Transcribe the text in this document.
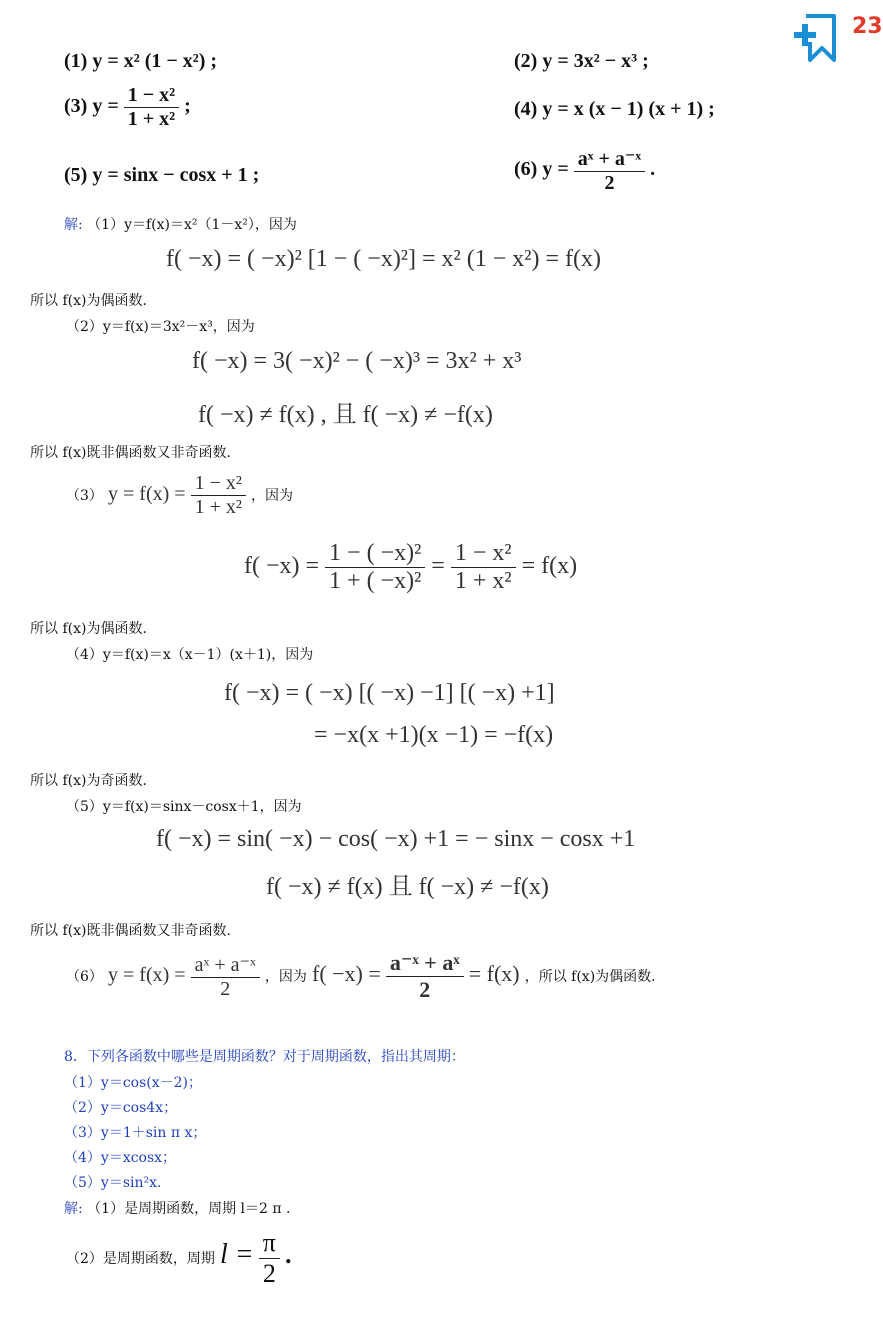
23
(1) y = x² (1 − x²) ;	(2) y = 3x² − x³ ;
(3) $y = \frac{\text{1 − x²}}{\text{1 + x²}}$ ;	(4) y = x (x − 1) (x + 1) ;
(5) y = sinx − cosx + 1 ;	(6) $y = \frac{\text{aˣ + a⁻ˣ}}{2}$ .
解: （1）y＝f(x)＝x²（1－x²），因为
f( −x) = ( −x)² [1 − ( −x)²] = x² (1 − x²) = f(x)
所以 f(x)为偶函数.
（2）y＝f(x)＝3x²－x³，因为
f( −x) = 3( −x)² − ( −x)³ = 3x² + x³
f( −x) ≠ f(x) , 且 f( −x) ≠ −f(x)
所以 f(x)既非偶函数又非奇函数.
（3） $y = f(x) = \frac{\text{1 − x²}}{\text{1 + x²}}$ ，因为
$f( -x) = \frac{\text{1 − ( −x)²}}{\text{1 + ( −x)²}} = \frac{\text{1 − x²}}{\text{1 + x²}} = f(x)$
所以 f(x)为偶函数.
（4）y＝f(x)＝x（x－1）(x＋1)，因为
f( −x) = ( −x) [( −x) −1] [( −x) +1]
= −x(x +1)(x −1) = −f(x)
所以 f(x)为奇函数.
（5）y＝f(x)＝sinx－cosx＋1，因为
f( −x) = sin( −x) − cos( −x) +1 = − sinx − cosx +1
f( −x) ≠ f(x) 且 f( −x) ≠ −f(x)
所以 f(x)既非偶函数又非奇函数.
（6） $y = f(x) = \frac{\text{aˣ + a⁻ˣ}}{2}$ ，因为 $f( -x) = \frac{\text{a⁻ˣ + aˣ}}{2} = f(x)$ ，所以 f(x)为偶函数.
8．下列各函数中哪些是周期函数？对于周期函数，指出其周期：
（1）y＝cos(x－2)；
（2）y＝cos4x；
（3）y＝1＋sin π x；
（4）y＝xcosx；
（5）y＝sin²x.
解: （1）是周期函数，周期 l＝2 π .
（2）是周期函数，周期 $l = \frac{\pi}{2}$ .
